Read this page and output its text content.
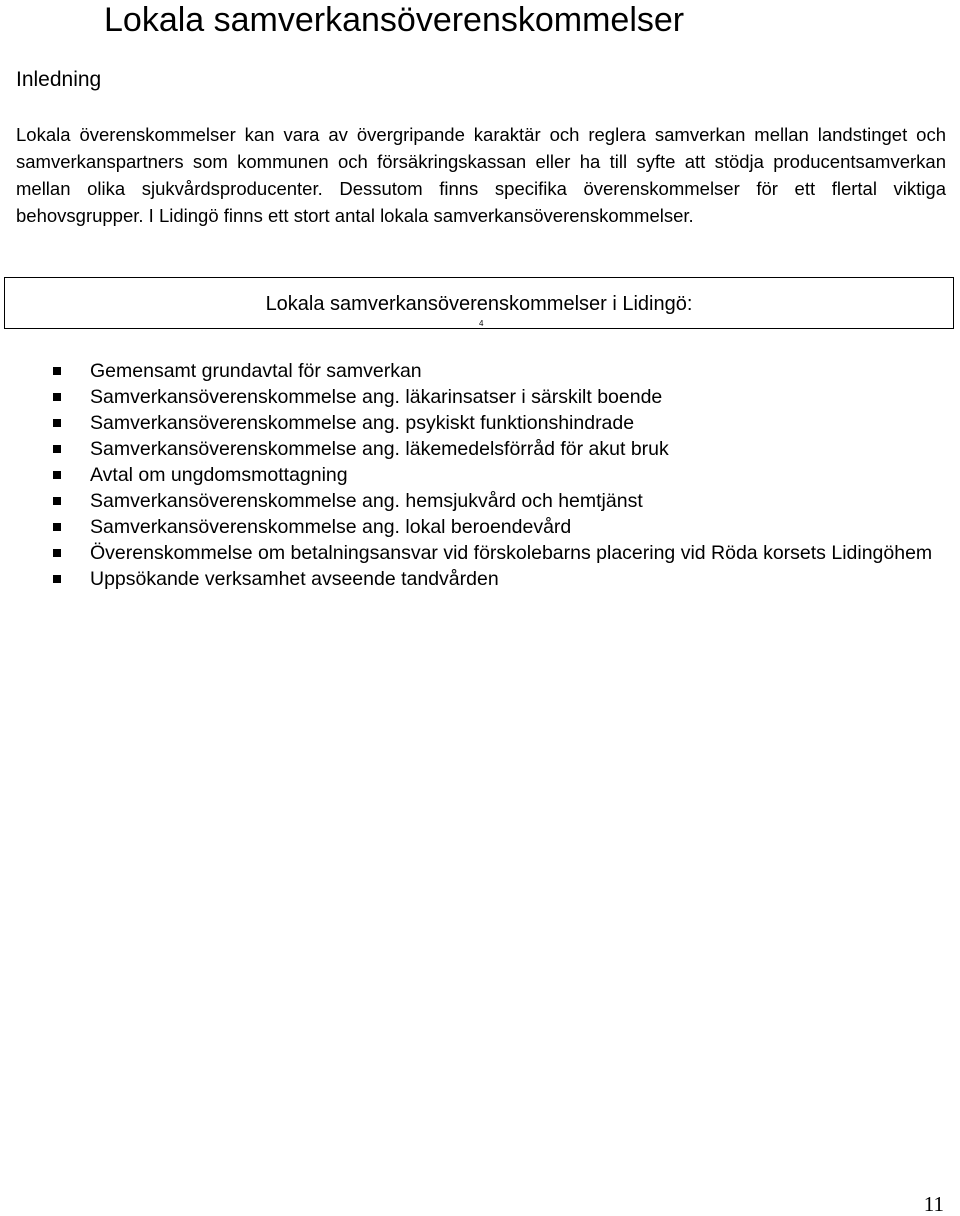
Lokala samverkansöverenskommelser
Inledning

Lokala överenskommelser kan vara av övergripande karaktär och reglera samverkan mellan landstinget och samverkanspartners som kommunen och försäkringskassan eller ha till syfte att stödja producentsamverkan mellan olika sjukvårdsproducenter. Dessutom finns specifika överenskommelser för ett flertal viktiga behovsgrupper. I Lidingö finns ett stort antal lokala samverkansöverenskommelser.

Lokala samverkansöverenskommelser i Lidingö:
4
Gemensamt grundavtal för samverkan
Samverkansöverenskommelse ang. läkarinsatser i särskilt boende
Samverkansöverenskommelse ang. psykiskt funktionshindrade
Samverkansöverenskommelse ang. läkemedelsförråd för akut bruk
Avtal om ungdomsmottagning
Samverkansöverenskommelse ang. hemsjukvård och hemtjänst
Samverkansöverenskommelse ang. lokal beroendevård
Överenskommelse om betalningsansvar vid förskolebarns placering vid Röda korsets Lidingöhem
Uppsökande verksamhet avseende tandvården
11
